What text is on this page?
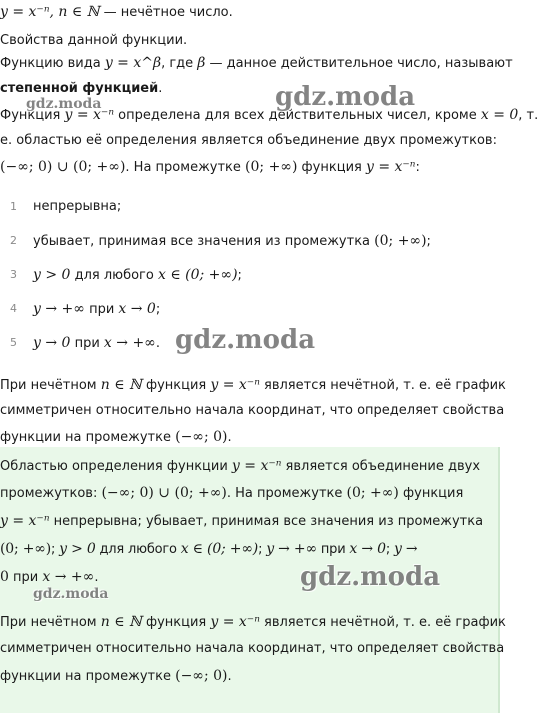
y = x⁻ⁿ, n ∈ ℕ — нечётное число.
Свойства данной функции.
Функцию вида y = x^β, где β — данное действительное число, называют
степенной функцией.
Функция y = x⁻ⁿ определена для всех действительных чисел, кроме x = 0, т.
е. областью её определения является объединение двух промежутков:
(−∞; 0) ∪ (0; +∞). На промежутке (0; +∞) функция y = x⁻ⁿ:
1	непрерывна;
2	убывает, принимая все значения из промежутка (0; +∞);
3	y > 0 для любого x ∈ (0; +∞);
4	y → +∞ при x → 0;
5	y → 0 при x → +∞.
При нечётном n ∈ ℕ функция y = x⁻ⁿ является нечётной, т. е. её график
симметричен относительно начала координат, что определяет свойства
функции на промежутке (−∞; 0).
Областью определения функции y = x⁻ⁿ является объединение двух
промежутков: (−∞; 0) ∪ (0; +∞). На промежутке (0; +∞) функция
y = x⁻ⁿ непрерывна; убывает, принимая все значения из промежутка
(0; +∞); y > 0 для любого x ∈ (0; +∞); y → +∞ при x → 0; y →
0 при x → +∞.
При нечётном n ∈ ℕ функция y = x⁻ⁿ является нечётной, т. е. её график
симметричен относительно начала координат, что определяет свойства
функции на промежутке (−∞; 0).
gdz.moda
gdz.moda
gdz.moda
gdz.moda
gdz.moda
